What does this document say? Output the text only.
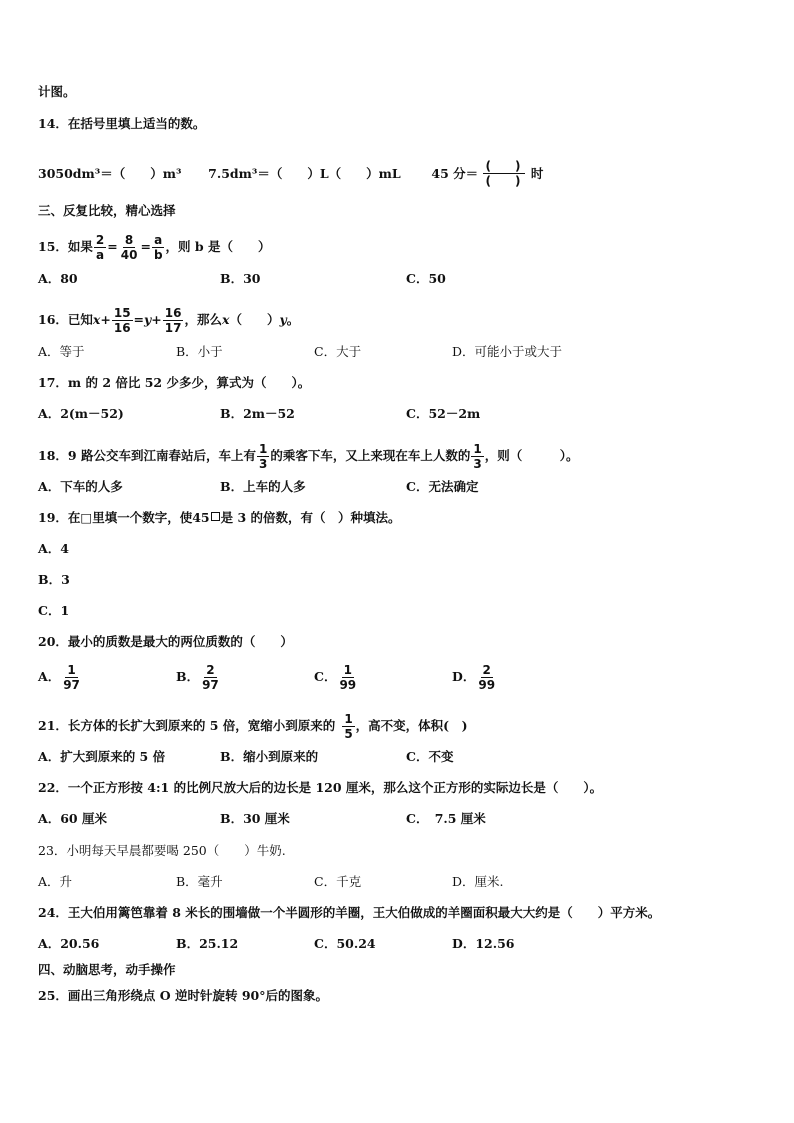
计图。
14．在括号里填上适当的数。
3050dm³＝（　　）m³ 7.5dm³＝（　　）L（　　）mL 45 分＝ $\frac{( )}{( )}$ 时
三、反复比较，精心选择
15．如果 $\frac{2}{a} = \frac{8}{40} = \frac{a}{b}$ ，则 b 是（　　）
A．80	B．30	C．50
16．已知$x+ \frac{15}{16} =y+ \frac{16}{17}$ ，那么x（　　）y。
A．等于	B．小于	C．大于	D．可能小于或大于
17．m 的 2 倍比 52 少多少，算式为（　　）。
A．2(m－52)	B．2m－52	C．52－2m
18．9 路公交车到江南春站后，车上有 $\frac{1}{3}$ 的乘客下车，又上来现在车上人数的 $\frac{1}{3}$ ，则（　　　）。
A．下车的人多	B．上车的人多	C．无法确定
19．在□里填一个数字，使45 是 3 的倍数，有（　）种填法。
A．4
B．3
C．1
20．最小的质数是最大的两位质数的（　　）
A． $\frac{1}{97}$	B． $\frac{2}{97}$	C． $\frac{1}{99}$	D． $\frac{2}{99}$
21．长方体的长扩大到原来的 5 倍，宽缩小到原来的 $\frac{1}{5}$ ，高不变，体积(　)
A．扩大到原来的 5 倍	B．缩小到原来的	C．不变
22．一个正方形按 4:1 的比例尺放大后的边长是 120 厘米，那么这个正方形的实际边长是（　　）。
A．60 厘米	B．30 厘米	C．　7.5 厘米
23．小明每天早晨都要喝 250（　　）牛奶.
A．升	B．毫升	C．千克	D．厘米.
24．王大伯用篱笆靠着 8 米长的围墙做一个半圆形的羊圈，王大伯做成的羊圈面积最大大约是（　　）平方米。
A．20.56	B．25.12	C．50.24	D．12.56
四、动脑思考，动手操作
25．画出三角形绕点 O 逆时针旋转 90°后的图象。
